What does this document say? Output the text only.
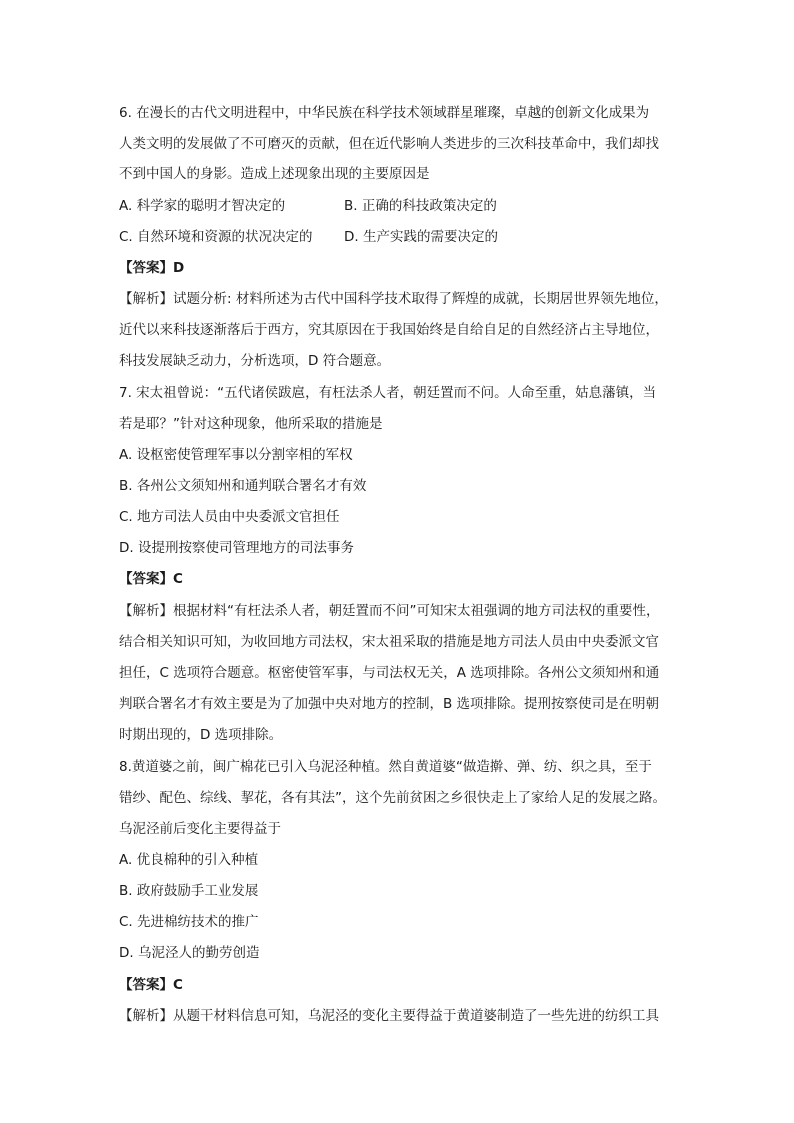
6. 在漫长的古代文明进程中，中华民族在科学技术领域群星璀璨，卓越的创新文化成果为
人类文明的发展做了不可磨灭的贡献，但在近代影响人类进步的三次科技革命中，我们却找
不到中国人的身影。造成上述现象出现的主要原因是
A. 科学家的聪明才智决定的	B. 正确的科技政策决定的
C. 自然环境和资源的状况决定的 D. 生产实践的需要决定的
【答案】D
【解析】试题分析: 材料所述为古代中国科学技术取得了辉煌的成就，长期居世界领先地位，
近代以来科技逐渐落后于西方，究其原因在于我国始终是自给自足的自然经济占主导地位，
科技发展缺乏动力，分析选项，D 符合题意。
7. 宋太祖曾说：“五代诸侯跋扈，有枉法杀人者，朝廷置而不问。人命至重，姑息藩镇，当
若是耶？”针对这种现象，他所采取的措施是
A. 设枢密使管理军事以分割宰相的军权
B. 各州公文须知州和通判联合署名才有效
C. 地方司法人员由中央委派文官担任
D. 设提刑按察使司管理地方的司法事务
【答案】C
【解析】根据材料“有枉法杀人者，朝廷置而不问”可知宋太祖强调的地方司法权的重要性，
结合相关知识可知，为收回地方司法权，宋太祖采取的措施是地方司法人员由中央委派文官
担任，C 选项符合题意。枢密使管军事，与司法权无关，A 选项排除。各州公文须知州和通
判联合署名才有效主要是为了加强中央对地方的控制，B 选项排除。提刑按察使司是在明朝
时期出现的，D 选项排除。
8.黄道婆之前，闽广棉花已引入乌泥泾种植。然自黄道婆“做造擀、弹、纺、织之具，至于
错纱、配色、综线、挈花，各有其法”，这个先前贫困之乡很快走上了家给人足的发展之路。
乌泥泾前后变化主要得益于
A. 优良棉种的引入种植
B. 政府鼓励手工业发展
C. 先进棉纺技术的推广
D. 乌泥泾人的勤劳创造
【答案】C
【解析】从题干材料信息可知，乌泥泾的变化主要得益于黄道婆制造了一些先进的纺织工具
